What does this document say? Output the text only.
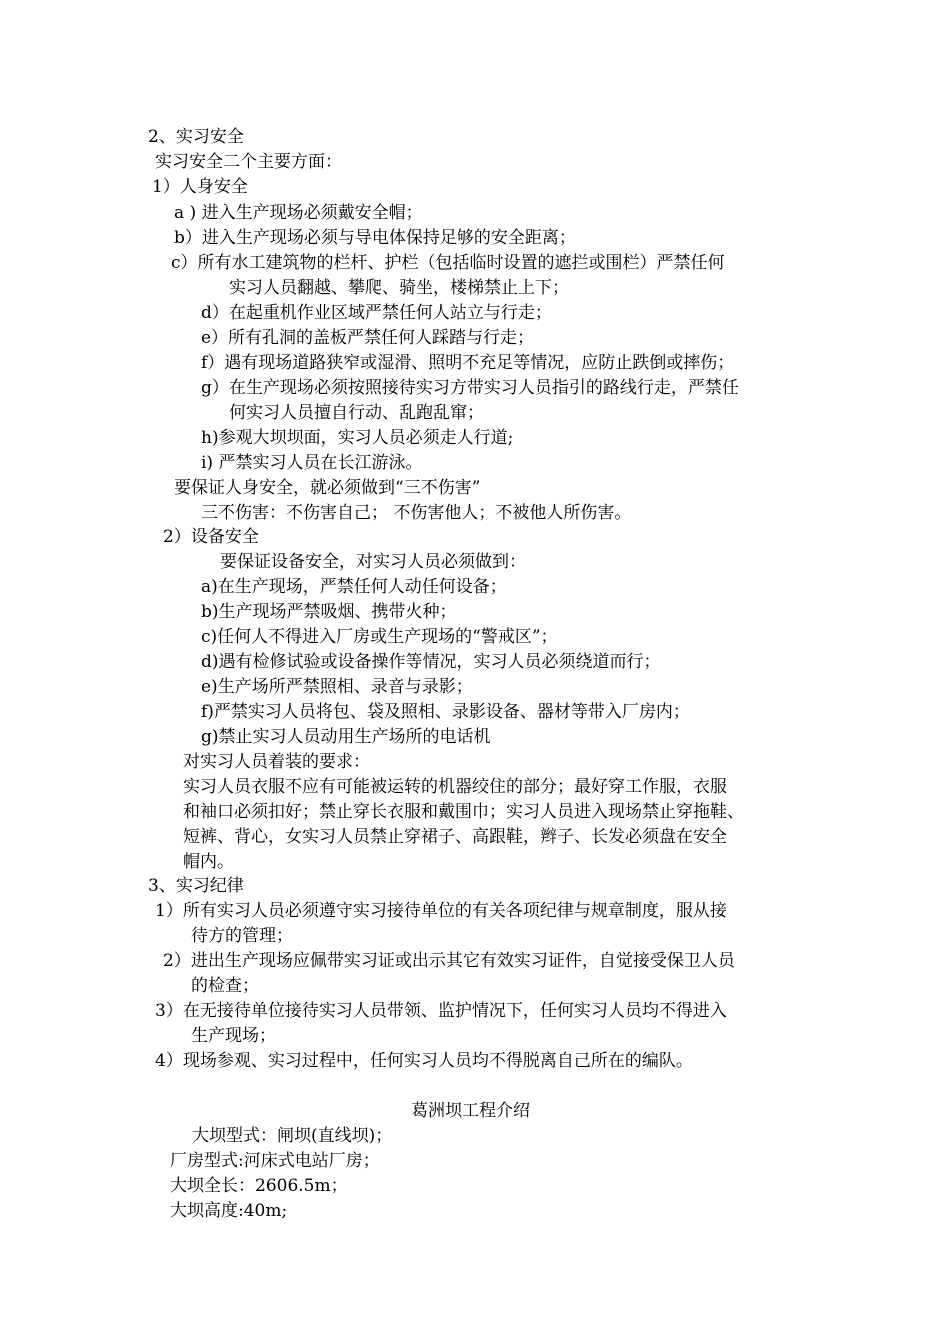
2、实习安全
实习安全二个主要方面：
1）人身安全
a ) 进入生产现场必须戴安全帽；
b）进入生产现场必须与导电体保持足够的安全距离；
c）所有水工建筑物的栏杆、护栏（包括临时设置的遮拦或围栏）严禁任何
实习人员翻越、攀爬、骑坐，楼梯禁止上下；
d）在起重机作业区域严禁任何人站立与行走；
e）所有孔洞的盖板严禁任何人踩踏与行走；
f）遇有现场道路狭窄或湿滑、照明不充足等情况，应防止跌倒或摔伤；
g）在生产现场必须按照接待实习方带实习人员指引的路线行走，严禁任
何实习人员擅自行动、乱跑乱窜；
h)参观大坝坝面，实习人员必须走人行道;
i) 严禁实习人员在长江游泳。
要保证人身安全，就必须做到“三不伤害”
三不伤害：不伤害自己； 不伤害他人；不被他人所伤害。
2）设备安全
要保证设备安全，对实习人员必须做到：
a)在生产现场，严禁任何人动任何设备；
b)生产现场严禁吸烟、携带火种；
c)任何人不得进入厂房或生产现场的“警戒区”；
d)遇有检修试验或设备操作等情况，实习人员必须绕道而行；
e)生产场所严禁照相、录音与录影；
f)严禁实习人员将包、袋及照相、录影设备、器材等带入厂房内；
g)禁止实习人员动用生产场所的电话机
对实习人员着装的要求：
实习人员衣服不应有可能被运转的机器绞住的部分；最好穿工作服，衣服
和袖口必须扣好；禁止穿长衣服和戴围巾；实习人员进入现场禁止穿拖鞋、
短裤、背心，女实习人员禁止穿裙子、高跟鞋，辫子、长发必须盘在安全
帽内。
3、实习纪律
1）所有实习人员必须遵守实习接待单位的有关各项纪律与规章制度，服从接
待方的管理；
2）进出生产现场应佩带实习证或出示其它有效实习证件，自觉接受保卫人员
的检查；
3）在无接待单位接待实习人员带领、监护情况下，任何实习人员均不得进入
生产现场；
4）现场参观、实习过程中，任何实习人员均不得脱离自己所在的编队。
葛洲坝工程介绍
大坝型式：闸坝(直线坝)；
厂房型式:河床式电站厂房；
大坝全长：2606.5m；
大坝高度:40m;
